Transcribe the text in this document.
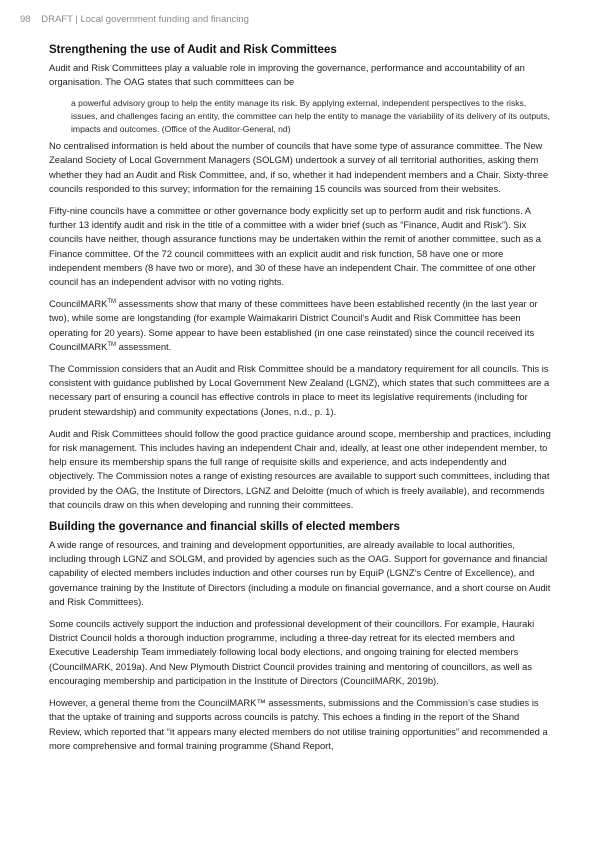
98 DRAFT | Local government funding and financing
Strengthening the use of Audit and Risk Committees

Audit and Risk Committees play a valuable role in improving the governance, performance and accountability of an organisation. The OAG states that such committees can be

a powerful advisory group to help the entity manage its risk. By applying external, independent perspectives to the risks, issues, and challenges facing an entity, the committee can help the entity to manage the variability of its delivery of its outputs, impacts and outcomes. (Office of the Auditor-General, nd)

No centralised information is held about the number of councils that have some type of assurance committee. The New Zealand Society of Local Government Managers (SOLGM) undertook a survey of all territorial authorities, asking them whether they had an Audit and Risk Committee, and, if so, whether it had independent members and a Chair. Sixty-three councils responded to this survey; information for the remaining 15 councils was sourced from their websites.

Fifty-nine councils have a committee or other governance body explicitly set up to perform audit and risk functions. A further 13 identify audit and risk in the title of a committee with a wider brief (such as “Finance, Audit and Risk”). Six councils have neither, though assurance functions may be undertaken within the remit of another committee, such as a Finance committee. Of the 72 council committees with an explicit audit and risk function, 58 have one or more independent members (8 have two or more), and 30 of these have an independent Chair. The committee of one other council has an independent advisor with no voting rights.

CouncilMARK™ assessments show that many of these committees have been established recently (in the last year or two), while some are longstanding (for example Waimakariri District Council’s Audit and Risk Committee has been operating for 20 years). Some appear to have been established (in one case reinstated) since the council received its CouncilMARK™ assessment.

The Commission considers that an Audit and Risk Committee should be a mandatory requirement for all councils. This is consistent with guidance published by Local Government New Zealand (LGNZ), which states that such committees are a necessary part of ensuring a council has effective controls in place to meet its legislative requirements (including for prudent stewardship) and community expectations (Jones, n.d., p. 1).

Audit and Risk Committees should follow the good practice guidance around scope, membership and practices, including for risk management. This includes having an independent Chair and, ideally, at least one other independent member, to help ensure its membership spans the full range of requisite skills and experience, and acts independently and objectively. The Commission notes a range of existing resources are available to support such committees, including that provided by the OAG, the Institute of Directors, LGNZ and Deloitte (much of which is freely available), and recommends that councils draw on this when developing and running their committees.

Building the governance and financial skills of elected members

A wide range of resources, and training and development opportunities, are already available to local authorities, including through LGNZ and SOLGM, and provided by agencies such as the OAG. Support for governance and financial capability of elected members includes induction and other courses run by EquiP (LGNZ’s Centre of Excellence), and governance training by the Institute of Directors (including a module on financial governance, and a short course on Audit and Risk Committees).

Some councils actively support the induction and professional development of their councillors. For example, Hauraki District Council holds a thorough induction programme, including a three-day retreat for its elected members and Executive Leadership Team immediately following local body elections, and ongoing training for elected members (CouncilMARK, 2019a). And New Plymouth District Council provides training and mentoring of councillors, as well as encouraging membership and participation in the Institute of Directors (CouncilMARK, 2019b).

However, a general theme from the CouncilMARK™ assessments, submissions and the Commission’s case studies is that the uptake of training and supports across councils is patchy. This echoes a finding in the report of the Shand Review, which reported that “it appears many elected members do not utilise training opportunities” and recommended a more comprehensive and formal training programme (Shand Report,
